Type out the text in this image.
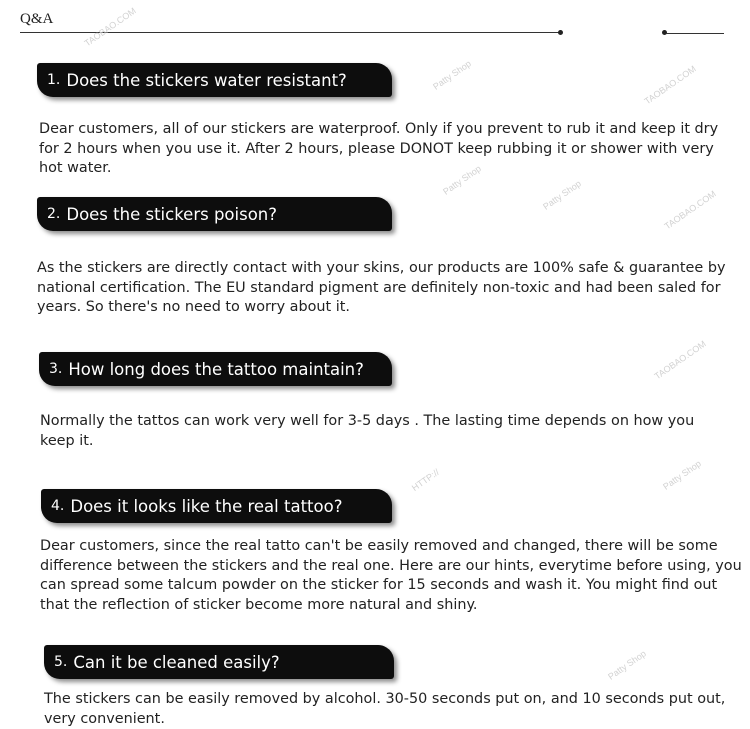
Q&A	TAOBAO.COM
Patty Shop	TAOBAO.COM
Patty Shop	Patty Shop	TAOBAO.COM
TAOBAO.COM
Patty Shop
HTTP://
Patty Shop
1. Does the stickers water resistant?

Dear customers, all of our stickers are waterproof. Only if you prevent to rub it and keep it dry for 2 hours when you use it. After 2 hours, please DONOT keep rubbing it or shower with very hot water.

2. Does the stickers poison?

As the stickers are directly contact with your skins, our products are 100% safe & guarantee by national certification. The EU standard pigment are definitely non-toxic and had been saled for years. So there's no need to worry about it.

3. How long does the tattoo maintain?

Normally the tattos can work very well for 3-5 days . The lasting time depends on how you keep it.

4. Does it looks like the real tattoo?

Dear customers, since the real tatto can't be easily removed and changed, there will be some difference between the stickers and the real one. Here are our hints, everytime before using, you can spread some talcum powder on the sticker for 15 seconds and wash it. You might find out that the reflection of sticker become more natural and shiny.

5. Can it be cleaned easily?

The stickers can be easily removed by alcohol. 30-50 seconds put on, and 10 seconds put out, very convenient.
